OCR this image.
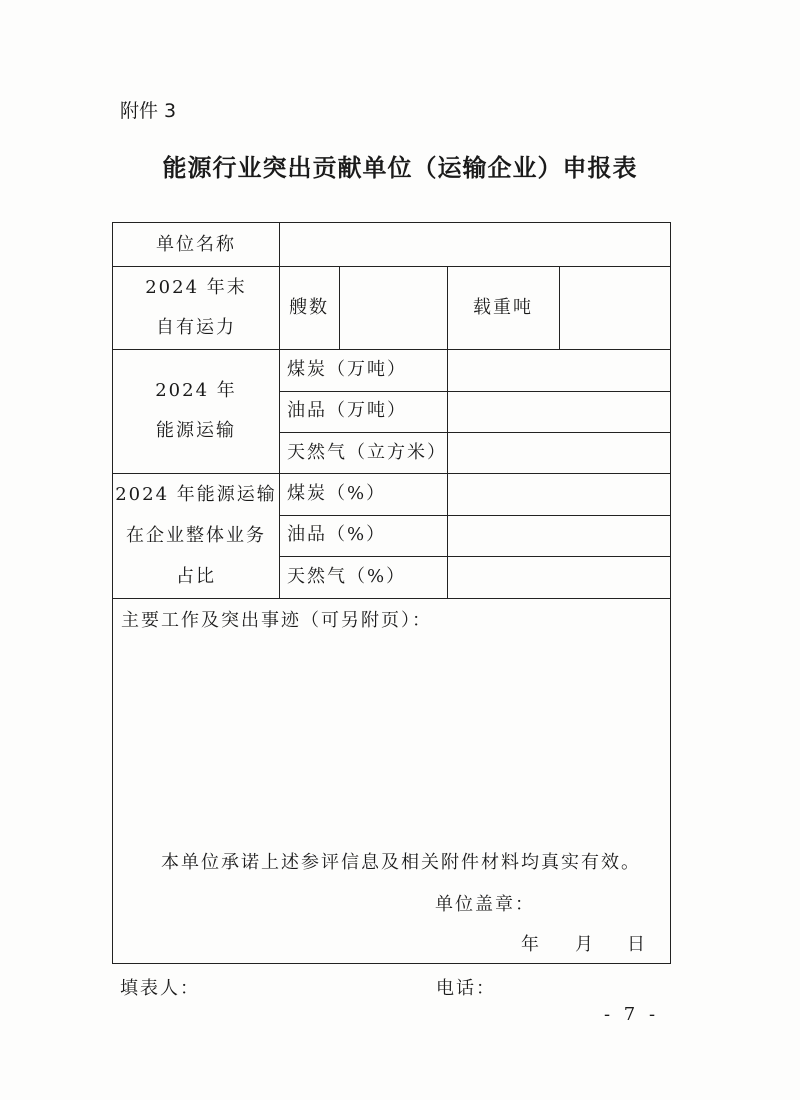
附件 3
能源行业突出贡献单位（运输企业）申报表
单位名称
2024 年末
自有运力
艘数	载重吨
2024 年
能源运输
煤炭（万吨）
油品（万吨）
天然气（立方米）
2024 年能源运输
在企业整体业务
占比
煤炭（%）
油品（%）
天然气（%）
主要工作及突出事迹（可另附页）：
本单位承诺上述参评信息及相关附件材料均真实有效。
单位盖章：
年 月 日
填表人：	电话：
- 7 -
